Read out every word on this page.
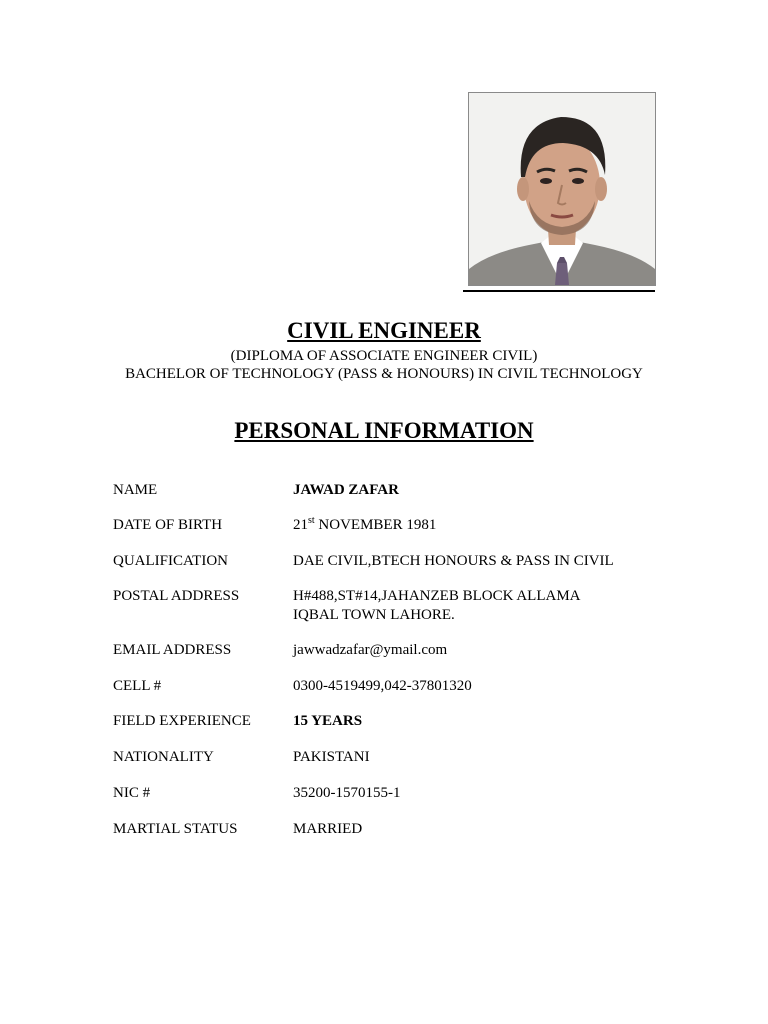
CIVIL ENGINEER
(DIPLOMA OF ASSOCIATE ENGINEER CIVIL)
BACHELOR OF TECHNOLOGY (PASS & HONOURS) IN CIVIL TECHNOLOGY
PERSONAL INFORMATION
NAME	JAWAD ZAFAR
DATE OF BIRTH	21st NOVEMBER 1981
QUALIFICATION	DAE CIVIL,BTECH HONOURS & PASS IN CIVIL
POSTAL ADDRESS	H#488,ST#14,JAHANZEB BLOCK ALLAMA
IQBAL TOWN LAHORE.
EMAIL ADDRESS	jawwadzafar@ymail.com
CELL #	0300-4519499,042-37801320
FIELD EXPERIENCE	15 YEARS
NATIONALITY	PAKISTANI
NIC #	35200-1570155-1
MARTIAL STATUS	MARRIED
